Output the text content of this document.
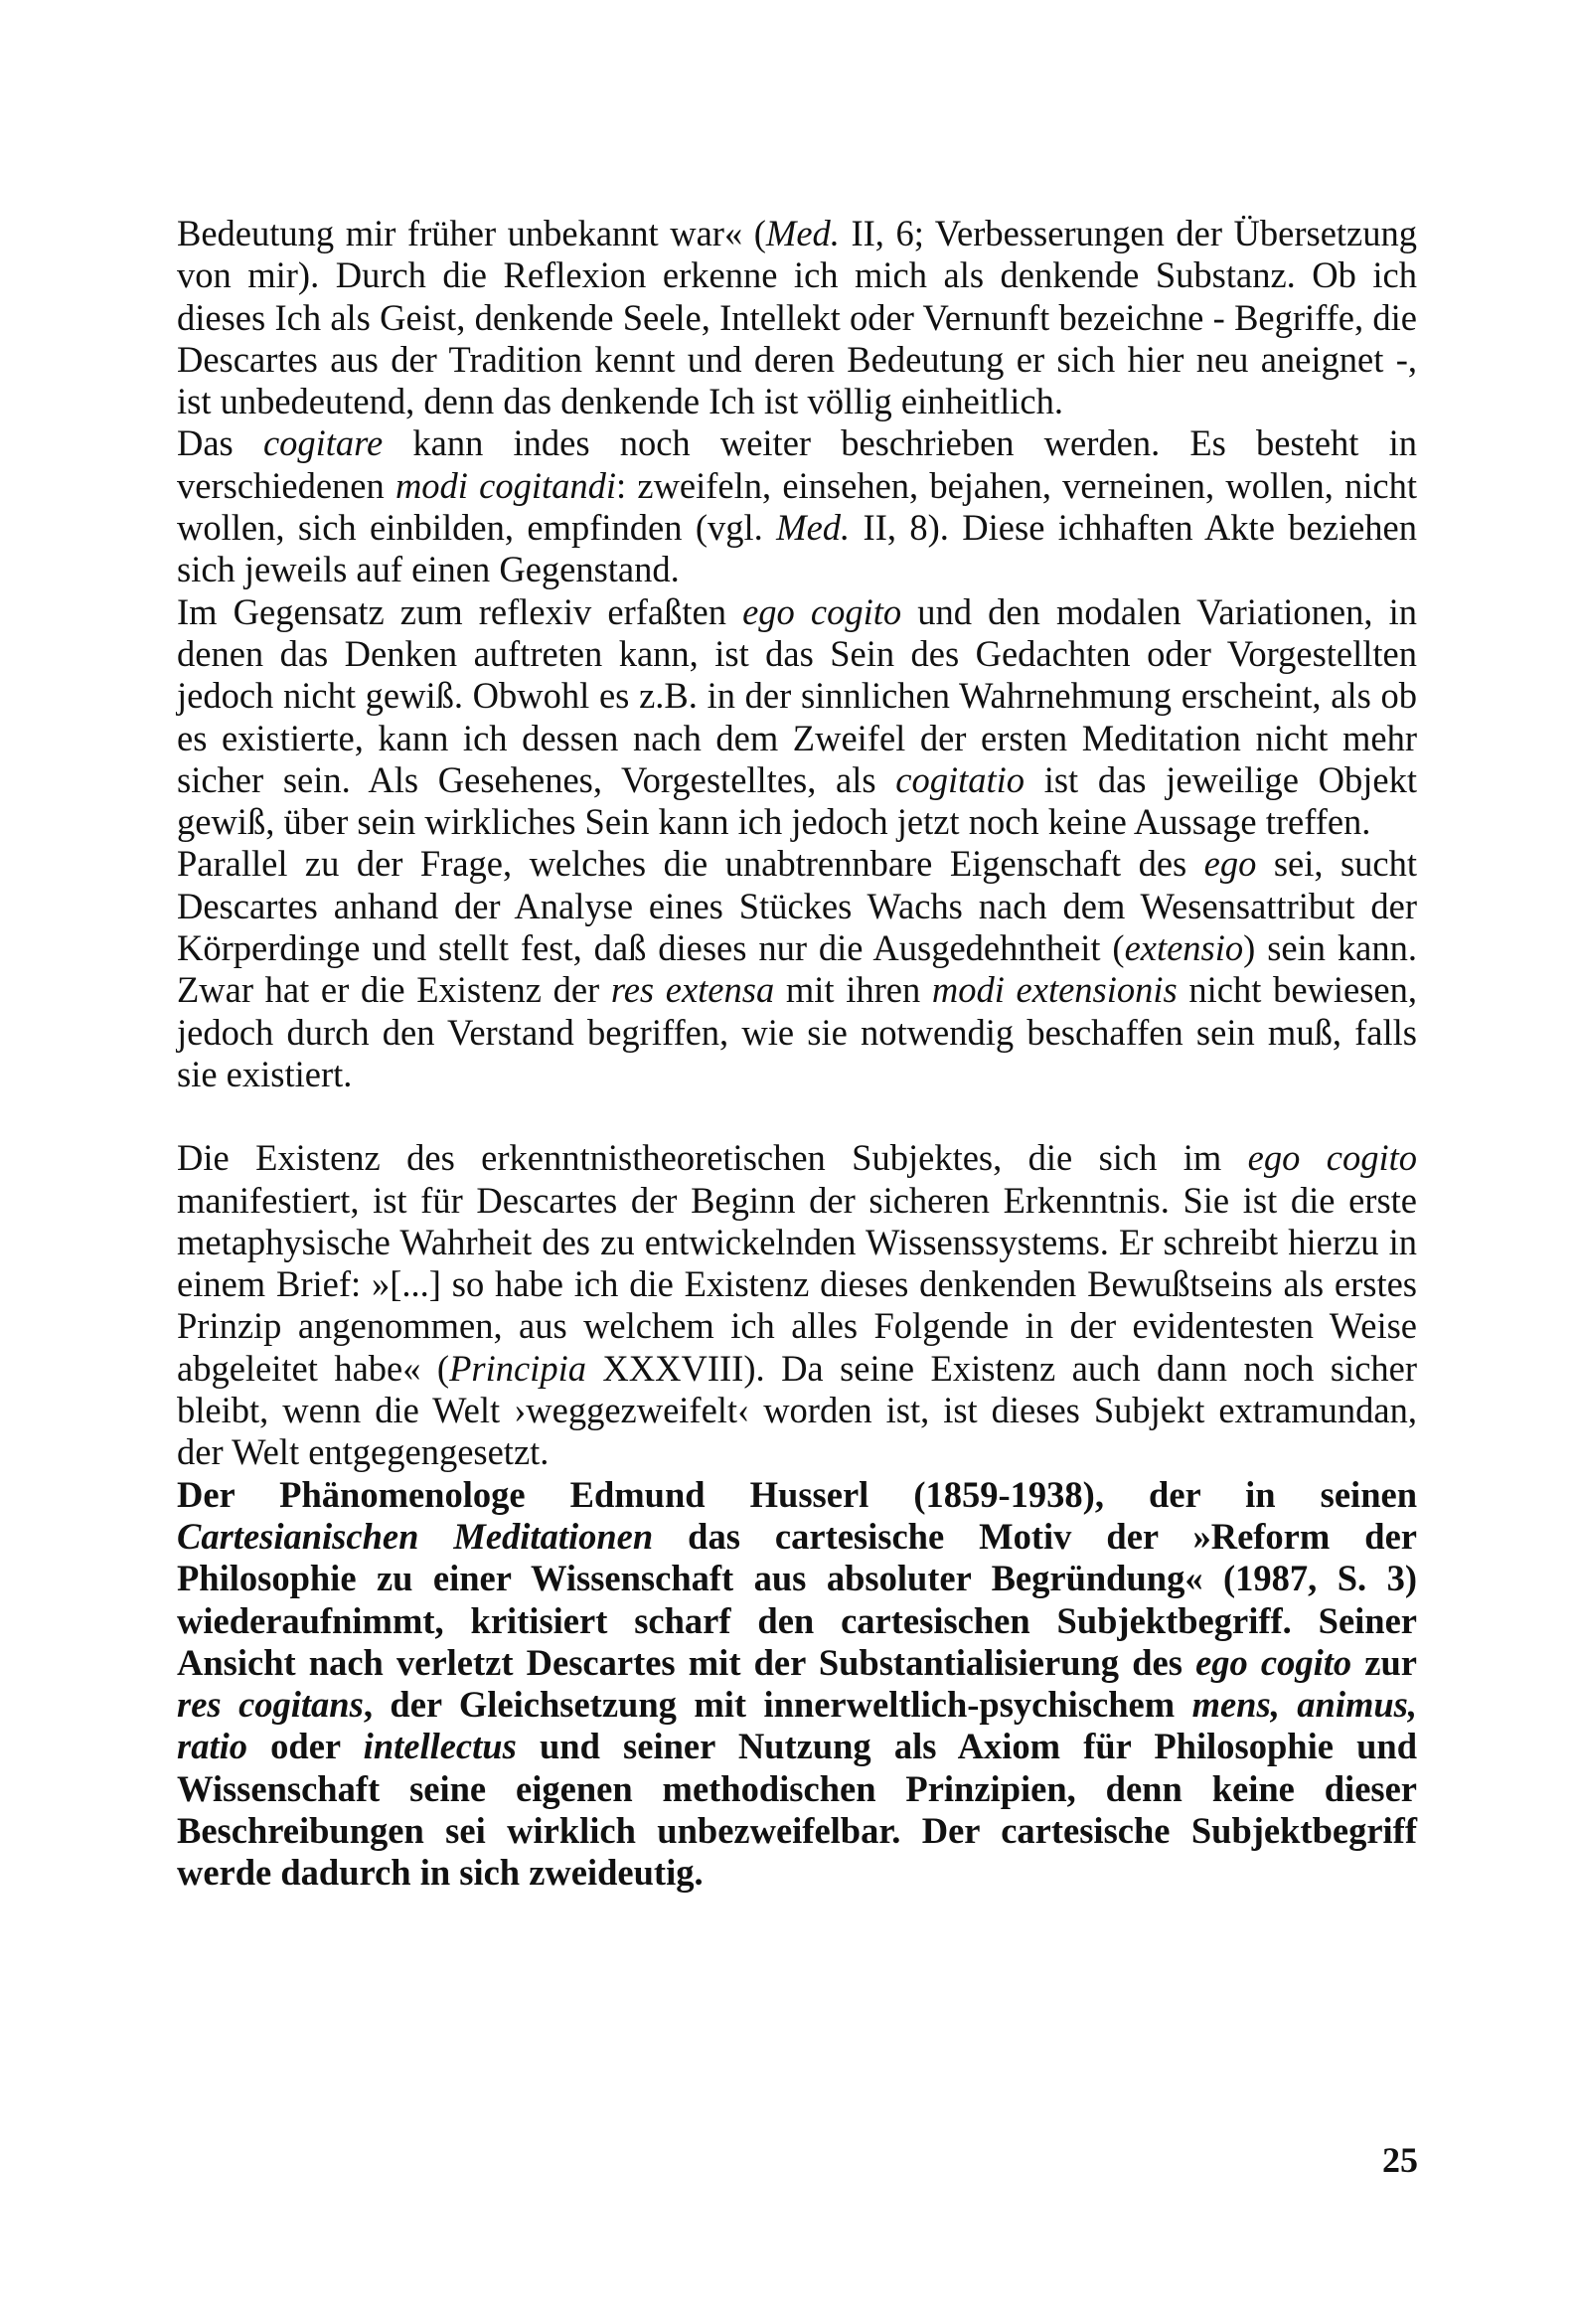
Bedeutung mir früher unbekannt war« (Med. II, 6; Verbesserungen der Übersetzung von mir). Durch die Reflexion erkenne ich mich als denkende Substanz. Ob ich dieses Ich als Geist, denkende Seele, Intellekt oder Vernunft bezeichne - Begriffe, die Descartes aus der Tradition kennt und deren Bedeutung er sich hier neu aneignet -, ist unbedeutend, denn das denkende Ich ist völlig einheitlich.

Das cogitare kann indes noch weiter beschrieben werden. Es besteht in verschiedenen modi cogitandi: zweifeln, einsehen, bejahen, verneinen, wollen, nicht wollen, sich einbilden, empfinden (vgl. Med. II, 8). Diese ichhaften Akte beziehen sich jeweils auf einen Gegenstand.

Im Gegensatz zum reflexiv erfaßten ego cogito und den modalen Variationen, in denen das Denken auftreten kann, ist das Sein des Gedachten oder Vorgestellten jedoch nicht gewiß. Obwohl es z.B. in der sinnlichen Wahrnehmung erscheint, als ob es existierte, kann ich dessen nach dem Zweifel der ersten Meditation nicht mehr sicher sein. Als Gesehenes, Vorgestelltes, als cogitatio ist das jeweilige Objekt gewiß, über sein wirkliches Sein kann ich jedoch jetzt noch keine Aussage treffen.

Parallel zu der Frage, welches die unabtrennbare Eigenschaft des ego sei, sucht Descartes anhand der Analyse eines Stückes Wachs nach dem Wesensattribut der Körperdinge und stellt fest, daß dieses nur die Ausgedehntheit (extensio) sein kann. Zwar hat er die Existenz der res extensa mit ihren modi extensionis nicht bewiesen, jedoch durch den Verstand begriffen, wie sie notwendig beschaffen sein muß, falls sie existiert.

Die Existenz des erkenntnistheoretischen Subjektes, die sich im ego cogito manifestiert, ist für Descartes der Beginn der sicheren Erkenntnis. Sie ist die erste metaphysische Wahrheit des zu entwickelnden Wissenssystems. Er schreibt hierzu in einem Brief: »[...] so habe ich die Existenz dieses denkenden Bewußtseins als erstes Prinzip angenommen, aus welchem ich alles Folgende in der evidentesten Weise abgeleitet habe« (Principia XXXVIII). Da seine Existenz auch dann noch sicher bleibt, wenn die Welt ›weggezweifelt‹ worden ist, ist dieses Subjekt extramundan, der Welt entgegengesetzt.

Der Phänomenologe Edmund Husserl (1859-1938), der in seinen Cartesianischen Meditationen das cartesische Motiv der »Reform der Philosophie zu einer Wissenschaft aus absoluter Begründung« (1987, S. 3) wiederaufnimmt, kritisiert scharf den cartesischen Subjektbegriff. Seiner Ansicht nach verletzt Descartes mit der Substantialisierung des ego cogito zur res cogitans, der Gleichsetzung mit innerweltlich-psychischem mens, animus, ratio oder intellectus und seiner Nutzung als Axiom für Philosophie und Wissenschaft seine eigenen methodischen Prinzipien, denn keine dieser Beschreibungen sei wirklich unbezweifelbar. Der cartesische Subjektbegriff werde dadurch in sich zweideutig.

25
